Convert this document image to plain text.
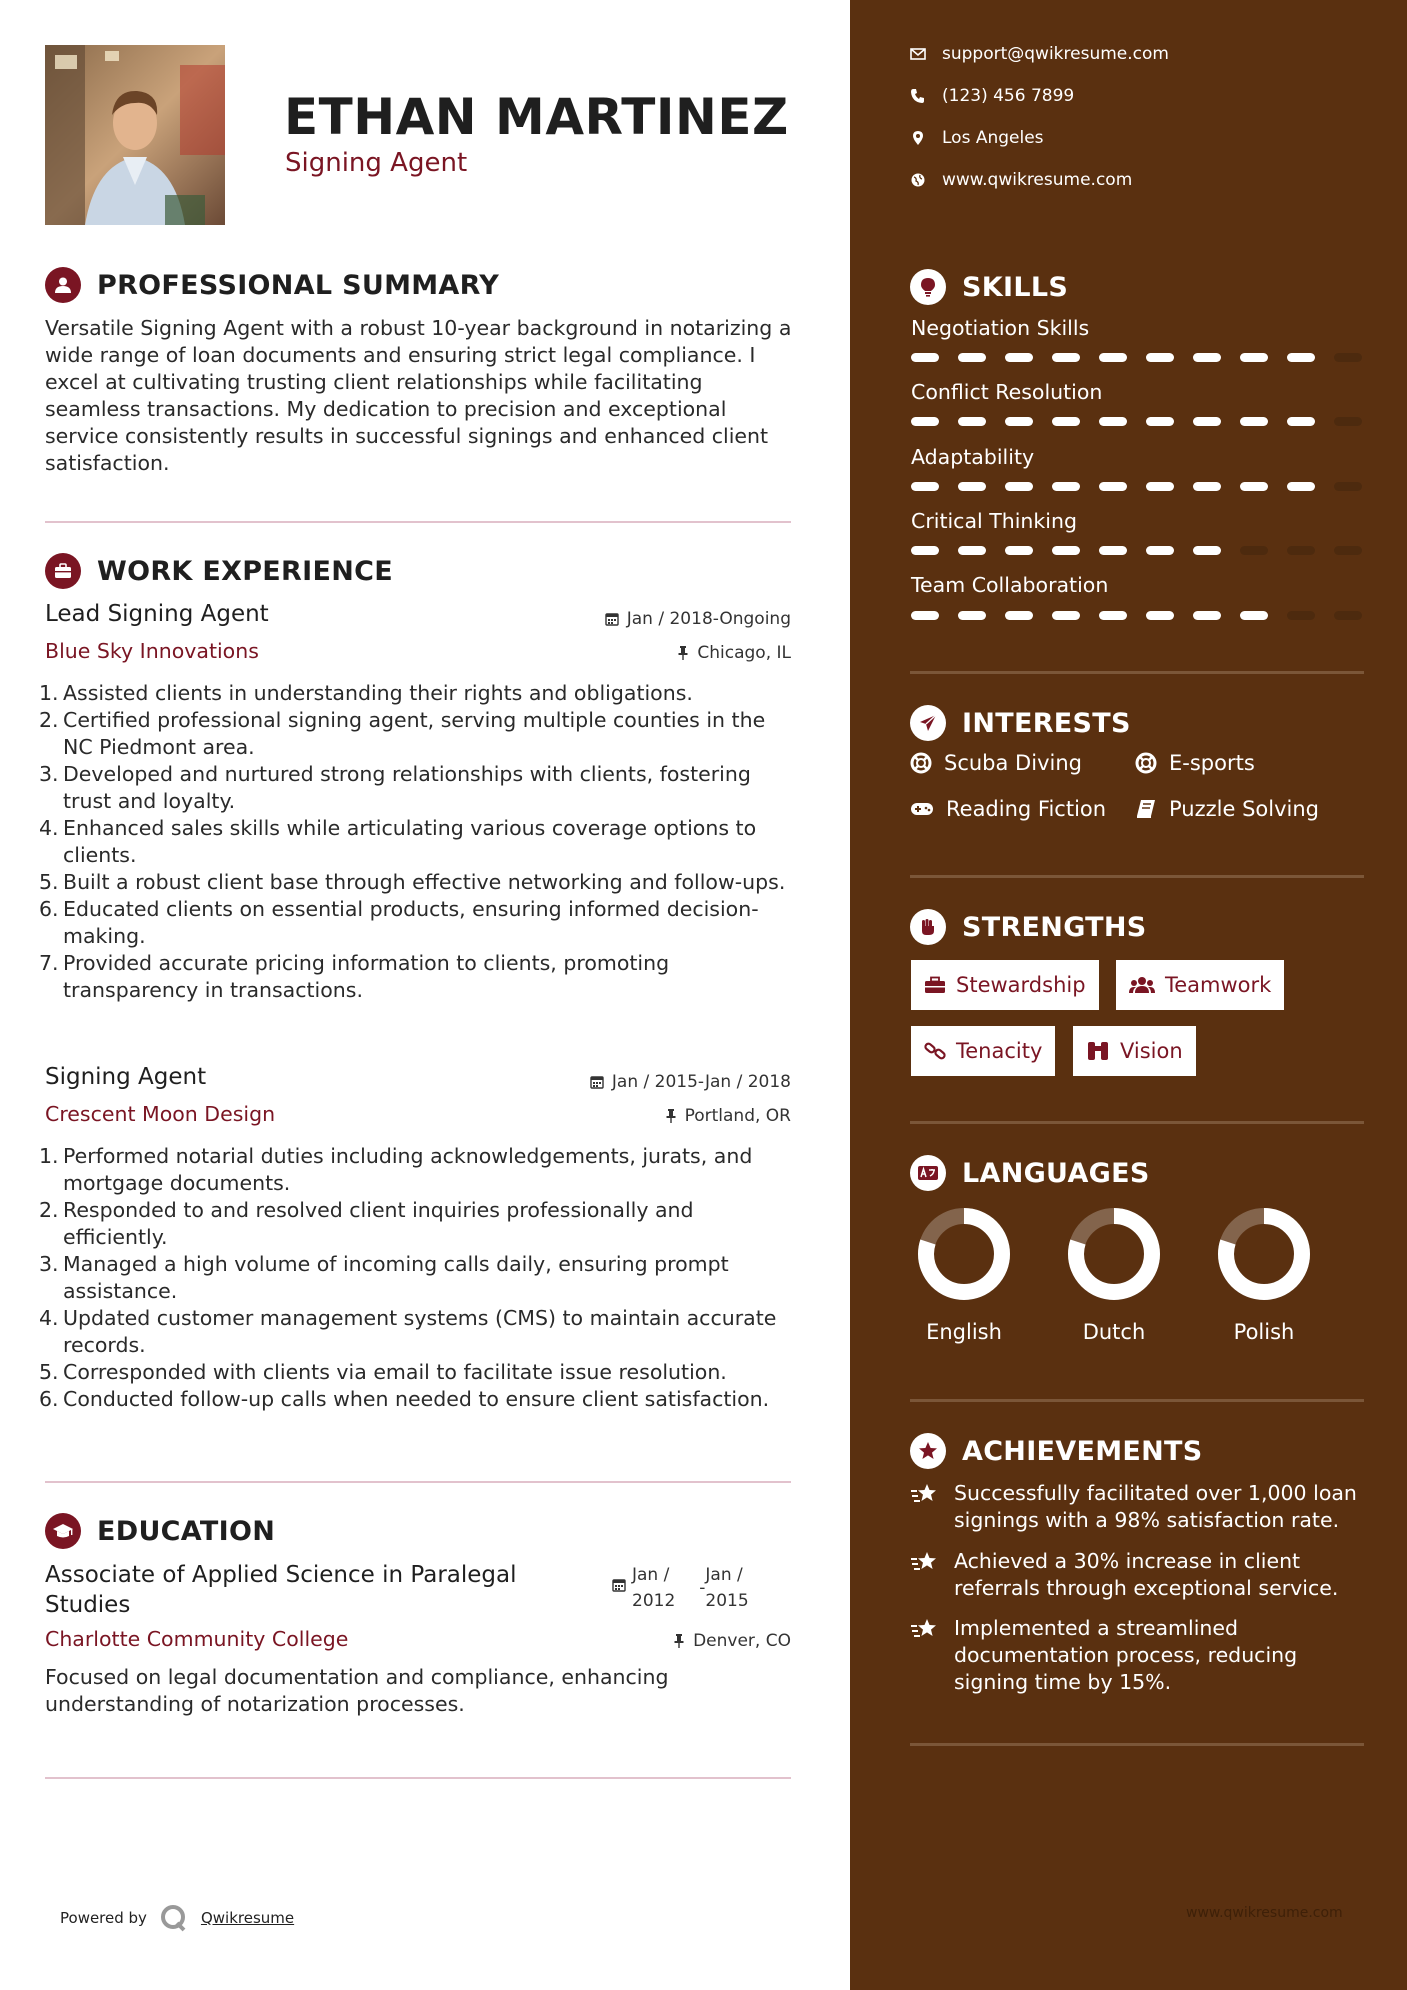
ETHAN MARTINEZ
Signing Agent
PROFESSIONAL SUMMARY
Versatile Signing Agent with a robust 10-year background in notarizing a wide range of loan documents and ensuring strict legal compliance. I excel at cultivating trusting client relationships while facilitating seamless transactions. My dedication to precision and exceptional service consistently results in successful signings and enhanced client satisfaction.
WORK EXPERIENCE
Lead Signing Agent	Jan / 2018-Ongoing
Blue Sky Innovations	Chicago, IL
1. Assisted clients in understanding their rights and obligations.
2. Certified professional signing agent, serving multiple counties in the NC Piedmont area.
3. Developed and nurtured strong relationships with clients, fostering trust and loyalty.
4. Enhanced sales skills while articulating various coverage options to clients.
5. Built a robust client base through effective networking and follow-ups.
6. Educated clients on essential products, ensuring informed decision-making.
7. Provided accurate pricing information to clients, promoting transparency in transactions.
Signing Agent	Jan / 2015-Jan / 2018
Crescent Moon Design	Portland, OR
1. Performed notarial duties including acknowledgements, jurats, and mortgage documents.
2. Responded to and resolved client inquiries professionally and efficiently.
3. Managed a high volume of incoming calls daily, ensuring prompt assistance.
4. Updated customer management systems (CMS) to maintain accurate records.
5. Corresponded with clients via email to facilitate issue resolution.
6. Conducted follow-up calls when needed to ensure client satisfaction.
EDUCATION
Associate of Applied Science in Paralegal
Studies
Jan /
2012
-
Jan /
2015
Charlotte Community College	Denver, CO
Focused on legal documentation and compliance, enhancing understanding of notarization processes.
Powered by	Qwikresume
support@qwikresume.com
(123) 456 7899
Los Angeles
www.qwikresume.com
SKILLS
Negotiation Skills
Conflict Resolution
Adaptability
Critical Thinking
Team Collaboration
INTERESTS
Scuba Diving	E-sports
Reading Fiction	Puzzle Solving
STRENGTHS
Stewardship	Teamwork
Tenacity	Vision
LANGUAGES
English	Dutch	Polish
ACHIEVEMENTS
Successfully facilitated over 1,000 loan signings with a 98% satisfaction rate.
Achieved a 30% increase in client referrals through exceptional service.
Implemented a streamlined documentation process, reducing signing time by 15%.
www.qwikresume.com
